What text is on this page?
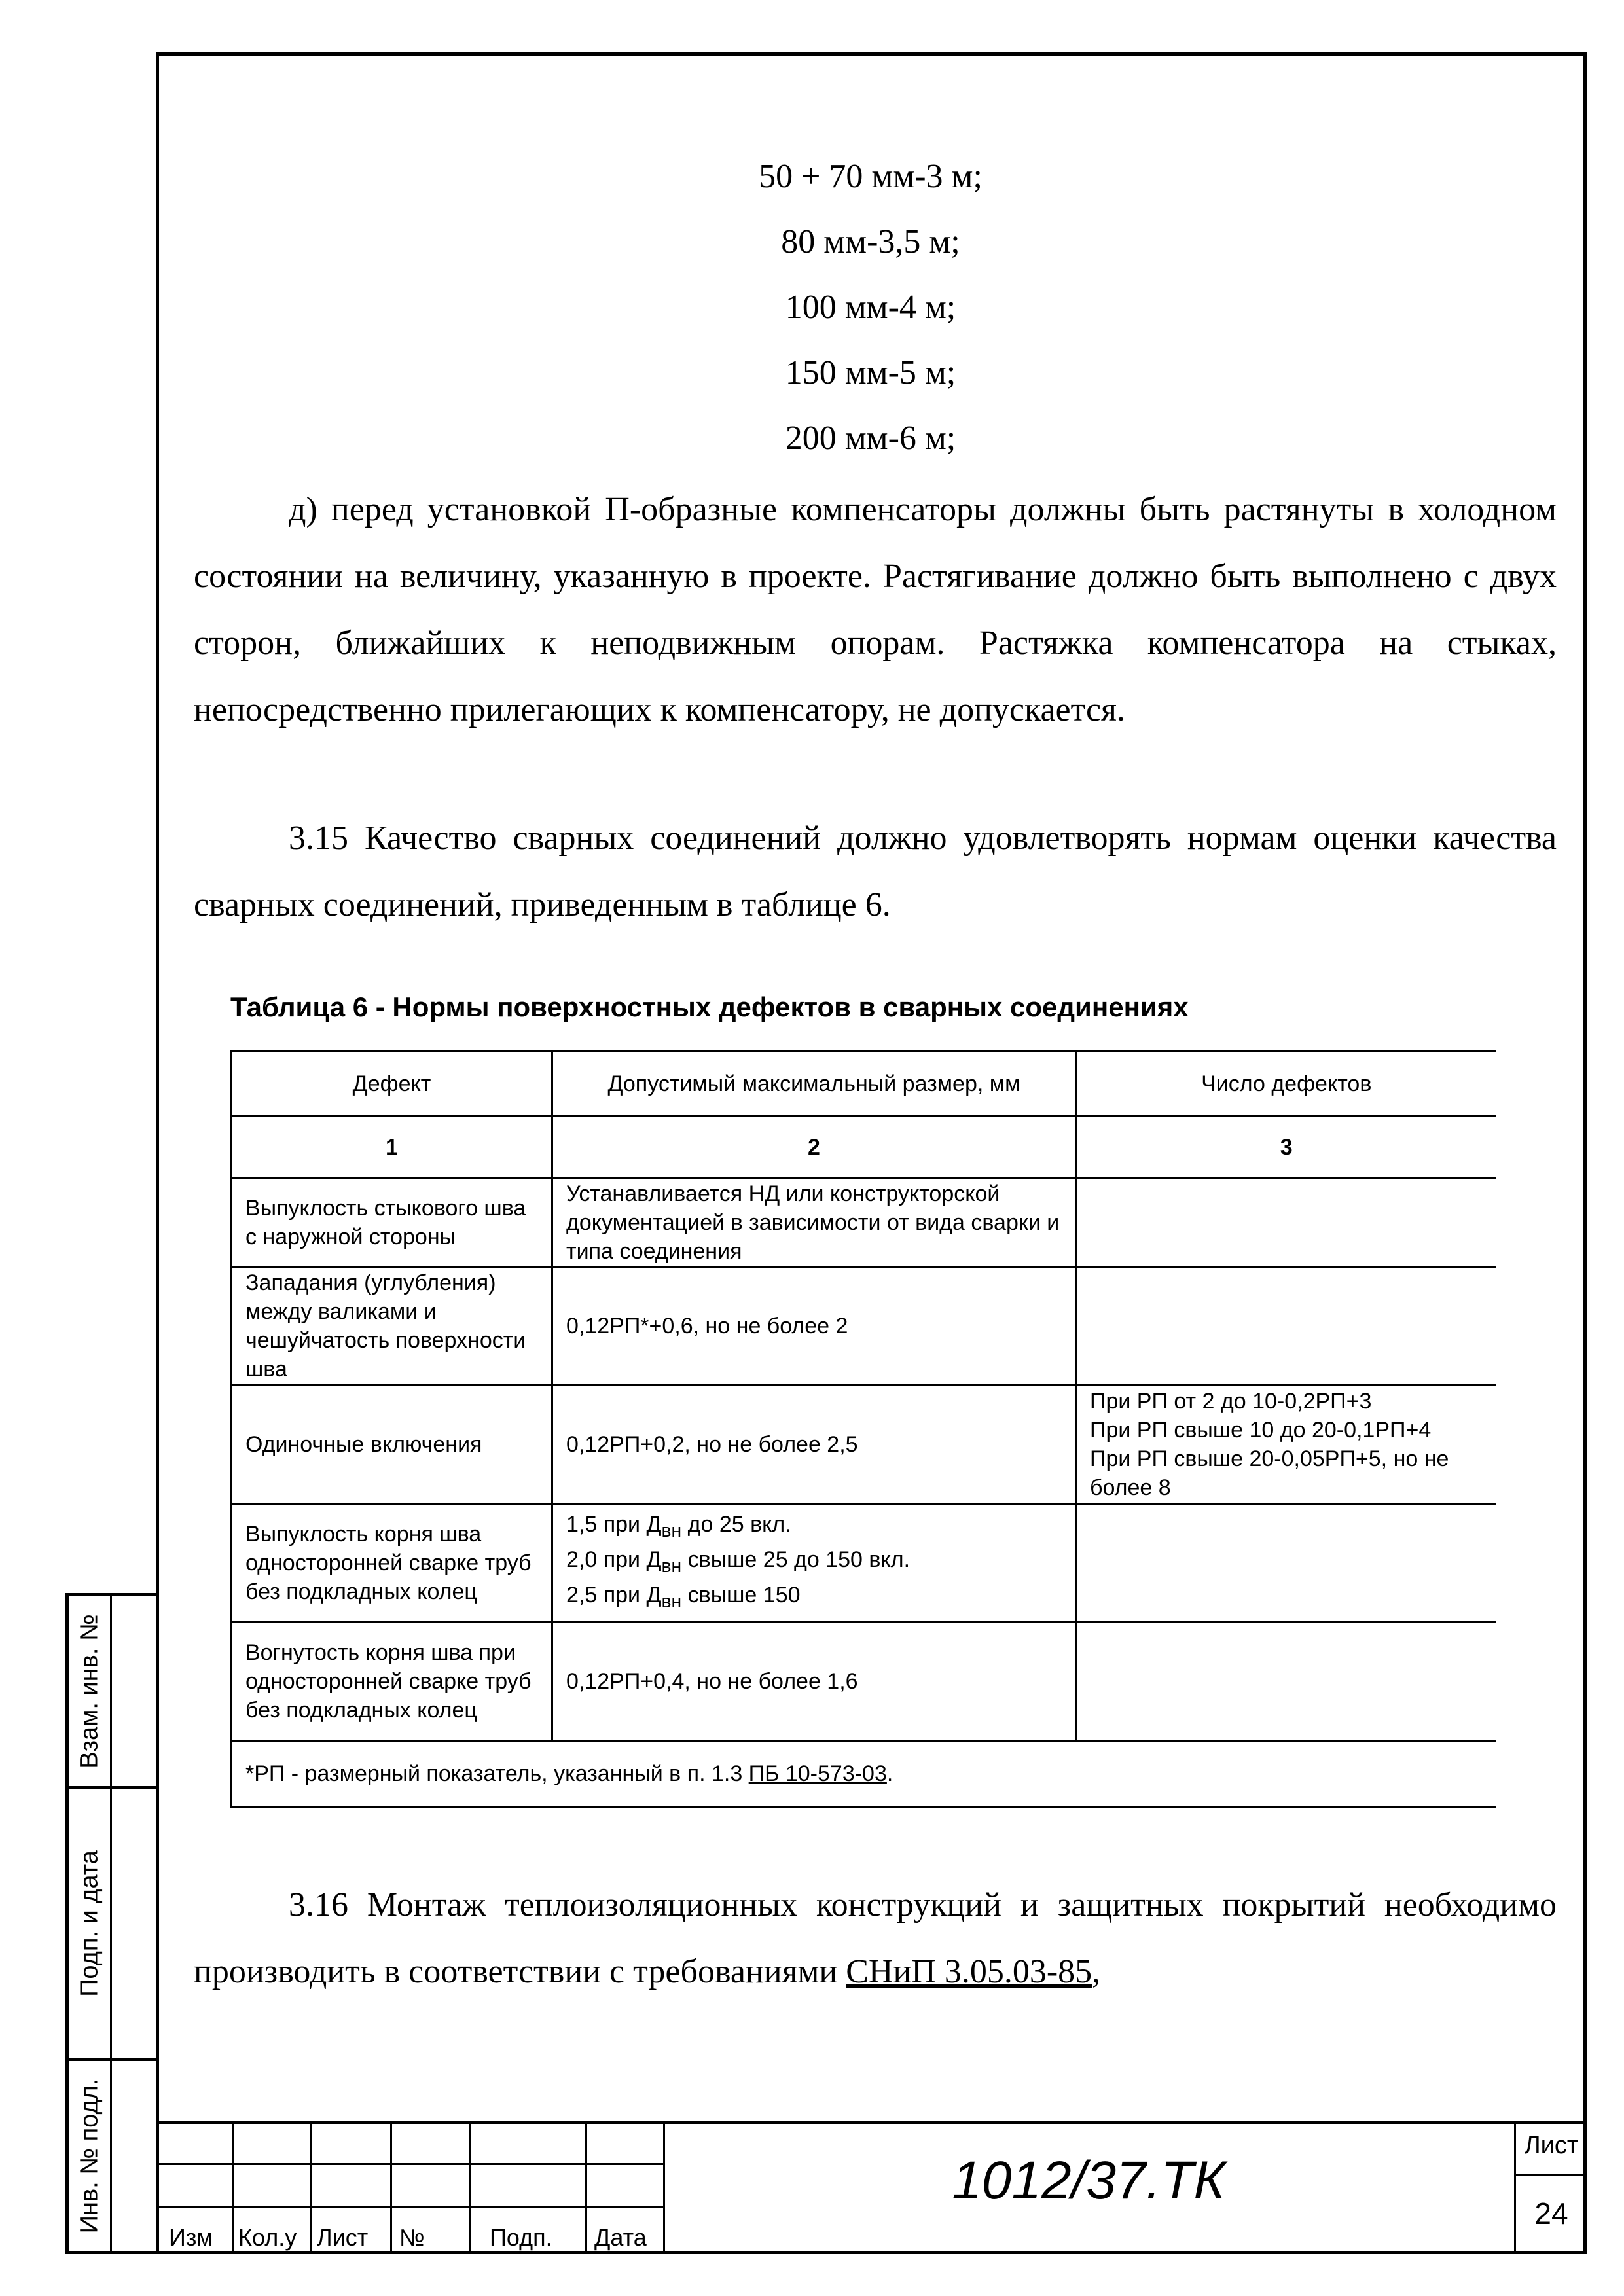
50 + 70 мм-3 м;
80 мм-3,5 м;
100 мм-4 м;
150 мм-5 м;
200 мм-6 м;
д) перед установкой П-образные компенсаторы должны быть растянуты в холодном состоянии на величину, указанную в проекте. Растягивание должно быть выполнено с двух сторон, ближайших к неподвижным опорам. Растяжка компенсатора на стыках, непосредственно прилегающих к компенсатору, не допускается.
3.15 Качество сварных соединений должно удовлетворять нормам оценки качества сварных соединений, приведенным в таблице 6.
Таблица 6 - Нормы поверхностных дефектов в сварных соединениях
Дефект	Допустимый максимальный размер, мм	Число дефектов
1	2	3
Выпуклость стыкового шва с наружной стороны	Устанавливается НД или конструкторской документацией в зависимости от вида сварки и типа соединения	
Западания (углубления) между валиками и чешуйчатость поверхности шва	0,12РП*+0,6, но не более 2	
Одиночные включения	0,12РП+0,2, но не более 2,5	При РП от 2 до 10-0,2РП+3
При РП свыше 10 до 20-0,1РП+4
При РП свыше 20-0,05РП+5, но не более 8

Выпуклость корня шва односторонней сварке труб без подкладных колец	1,5 при $Д_{вн}$ до 25 вкл.
2,0 при $Д_{вн}$ свыше 25 до 150 вкл.
2,5 при $Д_{вн}$ свыше 150	

Вогнутость корня шва при односторонней сварке труб без подкладных колец	0,12РП+0,4, но не более 1,6	
*РП - размерный показатель, указанный в п. 1.3 ПБ 10-573-03.		
3.16 Монтаж теплоизоляционных конструкций и защитных покрытий необходимо производить в соответствии с требованиями СНиП 3.05.03-85,
Взам. инв. №
Подп. и дата
Инв. № подл.
Изм Кол.у Лист №	Подп. Дата
1012/37.ТК
Лист
24
